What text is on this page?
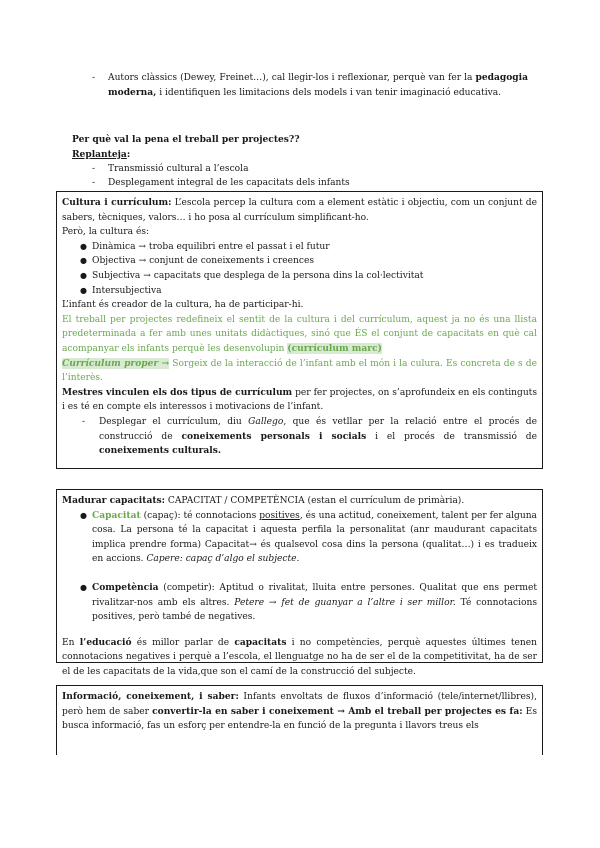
- Autors clàssics (Dewey, Freinet…), cal llegir-los i reflexionar, perquè van fer la pedagogia moderna, i identifiquen les limitacions dels models i van tenir imaginació educativa.

Per què val la pena el treball per projectes??

Replanteja:

- Transmissió cultural a l’escola
- Desplegament integral de les capacitats dels infants

Cultura i currículum: L’escola percep la cultura com a element estàtic i objectiu, com un conjunt de sabers, tècniques, valors… i ho posa al currículum simplificant-ho.

Però, la cultura és:

● Dinàmica → troba equilibri entre el passat i el futur
● Objectiva → conjunt de coneixements i creences
● Subjectiva → capacitats que desplega de la persona dins la col·lectivitat
● Intersubjectiva

L’infant és creador de la cultura, ha de participar-hi.

El treball per projectes redefineix el sentit de la cultura i del currículum, aquest ja no és una llista predeterminada a fer amb unes unitats didàctiques, sinó que ÉS el conjunt de capacitats en què cal acompanyar els infants perquè les desenvolupin (currículum marc)

Currículum proper → Sorgeix de la interacció de l’infant amb el món i la culura. Es concreta de s de l’interès.

Mestres vinculen els dos tipus de currículum per fer projectes, on s’aprofundeix en els continguts i es té en compte els interessos i motivacions de l’infant.

- Desplegar el currículum, diu Gallego, que és vetllar per la relació entre el procés de construcció de coneixements personals i socials i el procés de transmissió de coneixements culturals.

Madurar capacitats: CAPACITAT / COMPETÈNCIA (estan el currículum de primària).

● Capacitat (capaç): té connotacions positives, és una actitud, coneixement, talent per fer alguna cosa. La persona té la capacitat i aquesta perfila la personalitat (anr maudurant capacitats implica prendre forma) Capacitat→ és qualsevol cosa dins la persona (qualitat…) i es tradueix en accions. Capere: capaç d’algo el subjecte.
● Competència (competir): Aptitud o rivalitat, lluita entre persones. Qualitat que ens permet rivalitzar-nos amb els altres. Petere → fet de guanyar a l’altre i ser millor. Té connotacions positives, però també de negatives.

En l’educació és millor parlar de capacitats i no competències, perquè aquestes últimes tenen connotacions negatives i perquè a l’escola, el llenguatge no ha de ser el de la competitivitat, ha de ser el de les capacitats de la vida,que son el camí de la construcció del subjecte.

Informació, coneixement, i saber: Infants envoltats de fluxos d’informació (tele/internet/llibres), però hem de saber convertir-la en saber i coneixement → Amb el treball per projectes es fa: Es busca informació, fas un esforç per entendre-la en funció de la pregunta i llavors treus els
